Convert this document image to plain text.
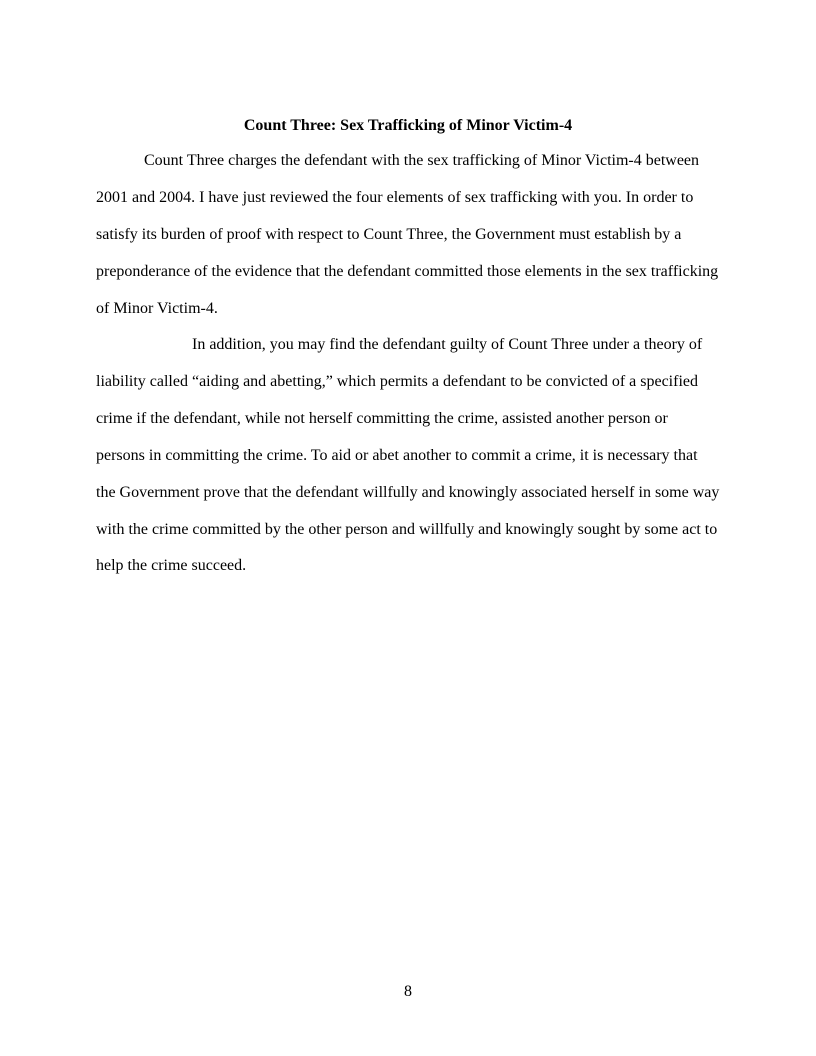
Count Three: Sex Trafficking of Minor Victim-4
Count Three charges the defendant with the sex trafficking of Minor Victim-4 between
2001 and 2004. I have just reviewed the four elements of sex trafficking with you. In order to
satisfy its burden of proof with respect to Count Three, the Government must establish by a
preponderance of the evidence that the defendant committed those elements in the sex trafficking
of Minor Victim-4.
In addition, you may find the defendant guilty of Count Three under a theory of
liability called “aiding and abetting,” which permits a defendant to be convicted of a specified
crime if the defendant, while not herself committing the crime, assisted another person or
persons in committing the crime. To aid or abet another to commit a crime, it is necessary that
the Government prove that the defendant willfully and knowingly associated herself in some way
with the crime committed by the other person and willfully and knowingly sought by some act to
help the crime succeed.
8
